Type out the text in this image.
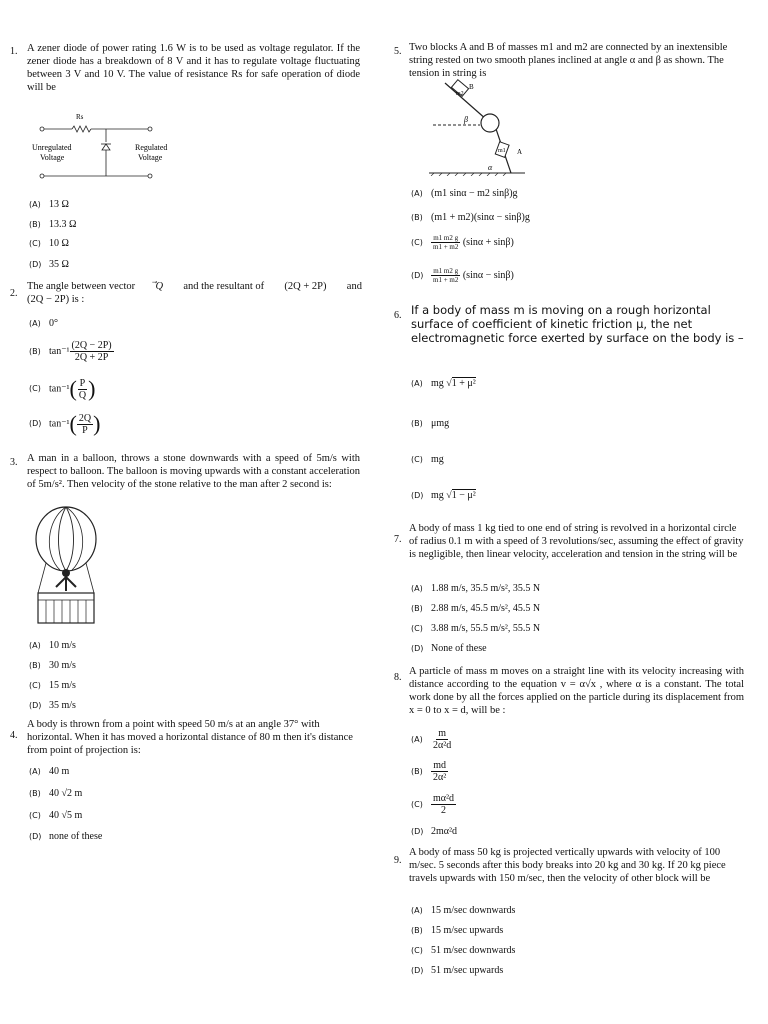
1. A zener diode of power rating 1.6 W is to be used as voltage regulator. If the zener diode has a breakdown of 8 V and it has to regulate voltage fluctuating between 3 V and 10 V. The value of resistance Rs for safe operation of diode will be
Rs
Unregulated
Voltage
Regulated
Voltage
(A) 13 Ω
(B) 13.3 Ω
(C) 10 Ω
(D) 35 Ω
2.
The angle between vector Q and the resultant of (2Q + 2P) and
(2Q − 2P) is :
(A) 0°
(B) $\tan^{-1} \frac{(2Q - 2P)}{2Q + 2P}$
(C) $\tan^{-1}( \frac{P}{Q}$ )
(D) $\tan^{-1}( \frac{2Q}{P}$ )
3. A man in a balloon, throws a stone downwards with a speed of 5m/s with respect to balloon. The balloon is moving upwards with a constant acceleration of 5m/s². Then velocity of the stone relative to the man after 2 second is:
(A) 10 m/s
(B) 30 m/s
(C) 15 m/s
(D) 35 m/s
4.
A body is thrown from a point with speed 50 m/s at an angle 37° with horizontal. When it has moved a horizontal distance of 80 m then it's distance from point of projection is:
(A) 40 m
(B) 40 √2 m
(C) 40 √5 m
(D) none of these
5. Two blocks A and B of masses m1 and m2 are connected by an inextensible string rested on two smooth planes inclined at angle α and β as shown. The tension in string is
B
m2
β
m1 A
α
(A) (m1 sinα − m2 sinβ)g
(B) (m1 + m2)(sinα − sinβ)g
$(C) \frac{m1 m2 g}{m1 + m2} (\sin\alpha + \sin\beta)$
$(D) \frac{m1 m2 g}{m1 + m2} (\sin\alpha - \sin\beta)$
6. If a body of mass m is moving on a rough horizontal surface of coefficient of kinetic friction μ, the net electromagnetic force exerted by surface on the body is –
(A) mg √1 + μ²
(B) μmg
(C) mg
(D) mg √1 − μ²
7.
A body of mass 1 kg tied to one end of string is revolved in a horizontal circle of radius 0.1 m with a speed of 3 revolutions/sec, assuming the effect of gravity is negligible, then linear velocity, acceleration and tension in the string will be
(A) 1.88 m/s, 35.5 m/s², 35.5 N
(B) 2.88 m/s, 45.5 m/s², 45.5 N
(C) 3.88 m/s, 55.5 m/s², 55.5 N
(D) None of these
8.
A particle of mass m moves on a straight line with its velocity increasing with distance according to the equation v = α√x , where α is a constant. The total work done by all the forces applied on the particle during its displacement from x = 0 to x = d, will be :
$(A) \frac{m}{\text{2α²d}}$
$(B) \frac{md}{\text{2α²}}$
$(C) \frac{\text{mα²d}}{2}$
(D) 2mα²d
9.
A body of mass 50 kg is projected vertically upwards with velocity of 100 m/sec. 5 seconds after this body breaks into 20 kg and 30 kg. If 20 kg piece travels upwards with 150 m/sec, then the velocity of other block will be
(A) 15 m/sec downwards
(B) 15 m/sec upwards
(C) 51 m/sec downwards
(D) 51 m/sec upwards
